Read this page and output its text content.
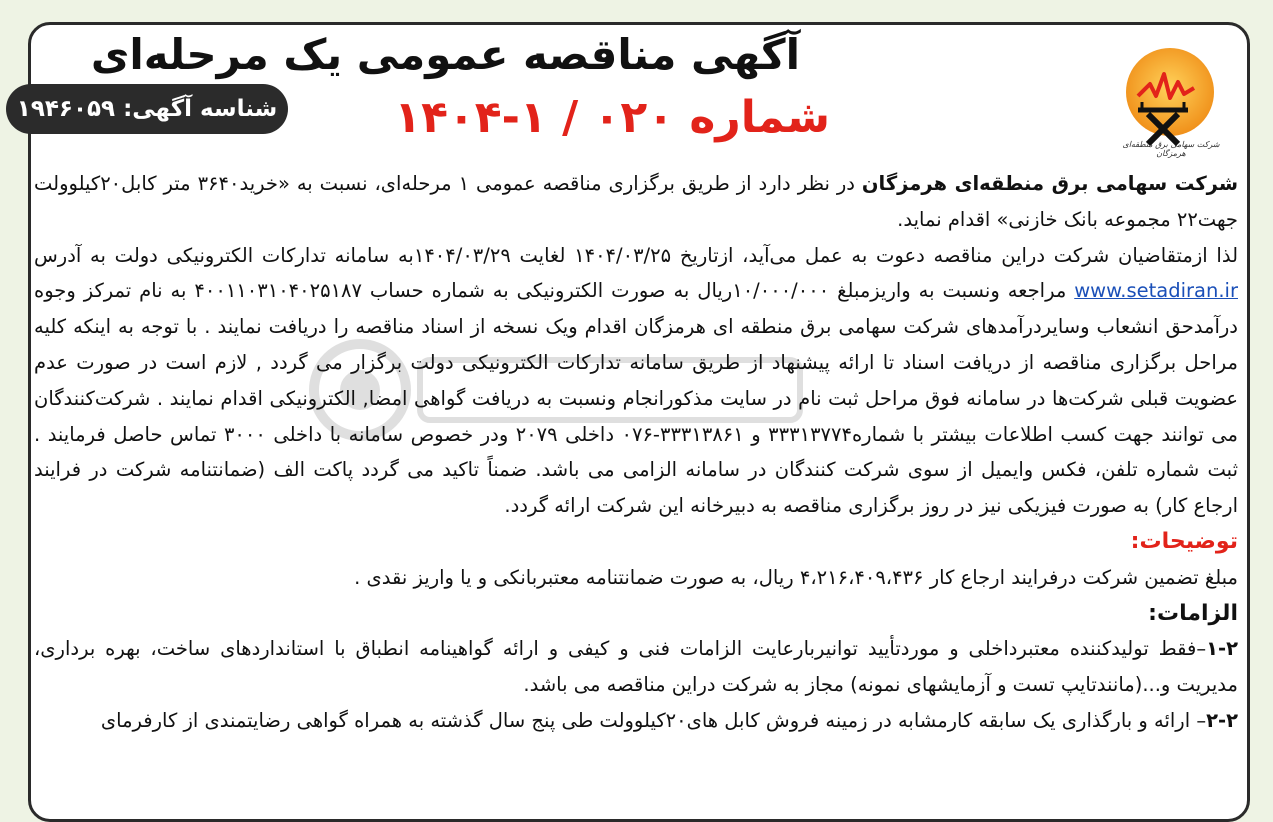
شرکت سهامی برق منطقه‌ای هرمزگان
آگهی مناقصه عمومی یک مرحله‌ای
شماره ۰۲۰ / ۱-۱۴۰۴
شناسه آگهی: ۱۹۴۶۰۵۹

شرکت سهامی برق منطقه‌ای هرمزگان در نظر دارد از طریق برگزاری مناقصه عمومی ۱ مرحله‌ای، نسبت به «خرید۳۶۴۰ متر کابل۲۰کیلوولت جهت۲۲ مجموعه بانک خازنی» اقدام نماید.

لذا ازمتقاضیان شرکت دراین مناقصه دعوت به عمل می‌آید، ازتاریخ ۱۴۰۴/۰۳/۲۵ لغایت ۱۴۰۴/۰۳/۲۹به سامانه تدارکات الکترونیکی دولت به آدرس www.setadiran.ir مراجعه ونسبت به واریزمبلغ ۱۰/۰۰۰/۰۰۰ریال به صورت الکترونیکی به شماره حساب ۴۰۰۱۱۰۳۱۰۴۰۲۵۱۸۷ به نام تمرکز وجوه درآمدحق انشعاب وسایردرآمدهای شرکت سهامی برق منطقه ای هرمزگان اقدام ویک نسخه از اسناد مناقصه را دریافت نمایند . با توجه به اینکه کلیه مراحل برگزاری مناقصه از دریافت اسناد تا ارائه پیشنهاد از طریق سامانه تدارکات الکترونیکی دولت برگزار می گردد , لازم است در صورت عدم عضویت قبلی شرکت‌ها در سامانه فوق مراحل ثبت نام در سایت مذکورانجام ونسبت به دریافت گواهی امضا, الکترونیکی اقدام نمایند . شرکت‌کنندگان می توانند جهت کسب اطلاعات بیشتر با شماره۳۳۳۱۳۷۷۴ و ۳۳۳۱۳۸۶۱-۰۷۶ داخلی ۲۰۷۹ ودر خصوص سامانه با داخلی ۳۰۰۰ تماس حاصل فرمایند . ثبت شماره تلفن، فکس وایمیل از سوی شرکت کنندگان در سامانه الزامی می باشد. ضمناً تاکید می گردد پاکت الف (ضمانتنامه شرکت در فرایند ارجاع کار) به صورت فیزیکی نیز در روز برگزاری مناقصه به دبیرخانه این شرکت ارائه گردد.

توضیحات:

مبلغ تضمین شرکت درفرایند ارجاع کار ۴،۲۱۶،۴۰۹،۴۳۶ ریال، به صورت ضمانتنامه معتبربانکی و یا واریز نقدی .

الزامات:

۱-۲–فقط تولیدکننده معتبرداخلی و موردتأیید توانیربارعایت الزامات فنی و کیفی و ارائه گواهینامه انطباق با استانداردهای ساخت، بهره برداری، مدیریت و...(مانندتایپ تست و آزمایشهای نمونه) مجاز به شرکت دراین مناقصه می باشد.

۲-۲– ارائه و بارگذاری یک سابقه کارمشابه در زمینه فروش کابل های۲۰کیلوولت طی پنج سال گذشته به همراه گواهی رضایتمندی از کارفرمای
